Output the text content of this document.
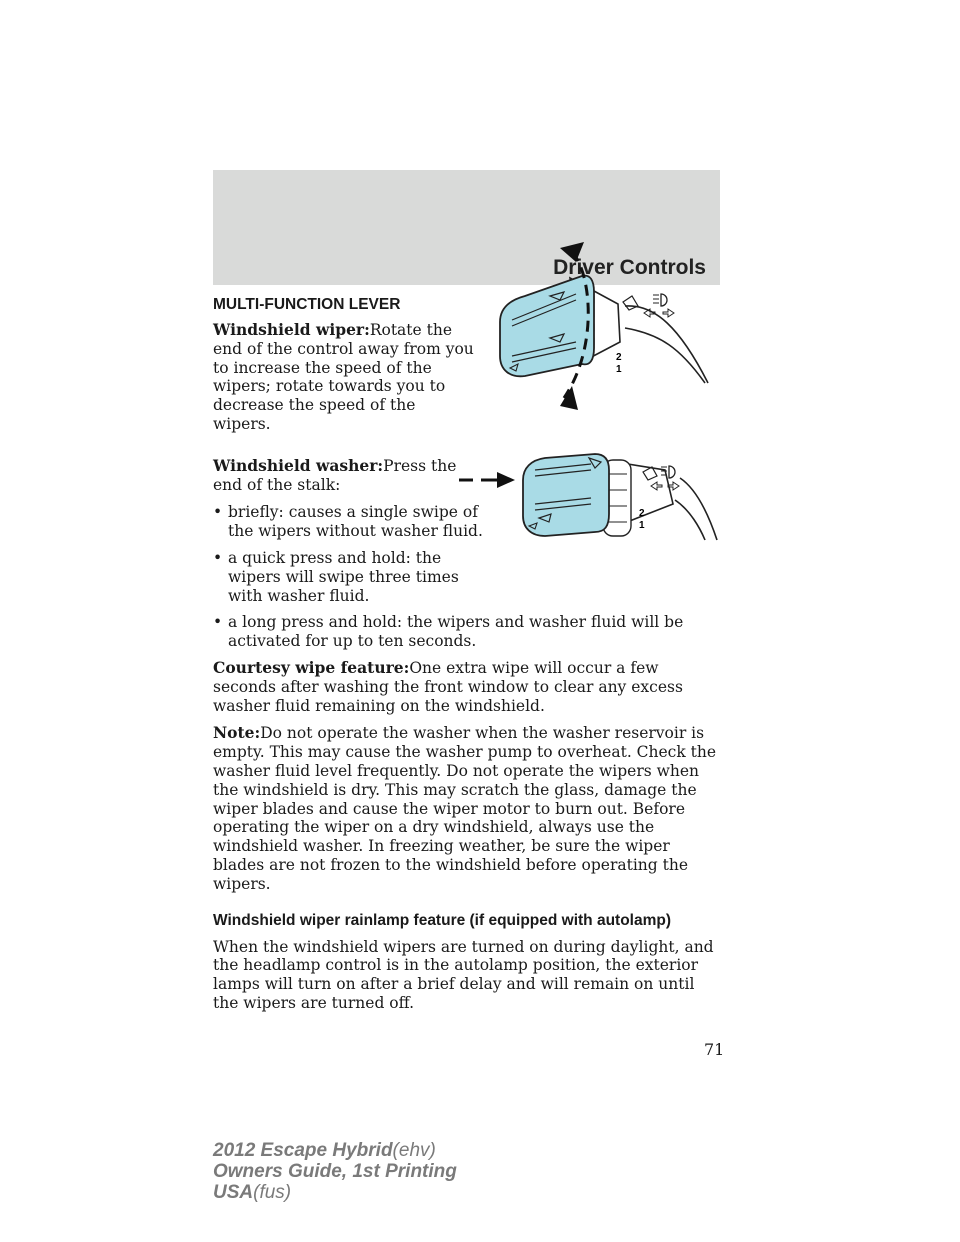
Driver Controls
MULTI-FUNCTION LEVER

Windshield wiper:Rotate the end of the control away from you to increase the speed of the wipers; rotate towards you to decrease the speed of the wipers.

Windshield washer:Press the end of the stalk:

• briefly: causes a single swipe of the wipers without washer fluid.
• a quick press and hold: the wipers will swipe three times with washer fluid.
• a long press and hold: the wipers and washer fluid will be activated for up to ten seconds.

Courtesy wipe feature:One extra wipe will occur a few seconds after washing the front window to clear any excess washer fluid remaining on the windshield.

Note:Do not operate the washer when the washer reservoir is empty. This may cause the washer pump to overheat. Check the washer fluid level frequently. Do not operate the wipers when the windshield is dry. This may scratch the glass, damage the wiper blades and cause the wiper motor to burn out. Before operating the wiper on a dry windshield, always use the windshield washer. In freezing weather, be sure the wiper blades are not frozen to the windshield before operating the wipers.

Windshield wiper rainlamp feature (if equipped with autolamp)

When the windshield wipers are turned on during daylight, and the headlamp control is in the autolamp position, the exterior lamps will turn on after a brief delay and will remain on until the wipers are turned off.

2
1
2
1
71
2012 Escape Hybrid(ehv)
Owners Guide, 1st Printing
USA(fus)
